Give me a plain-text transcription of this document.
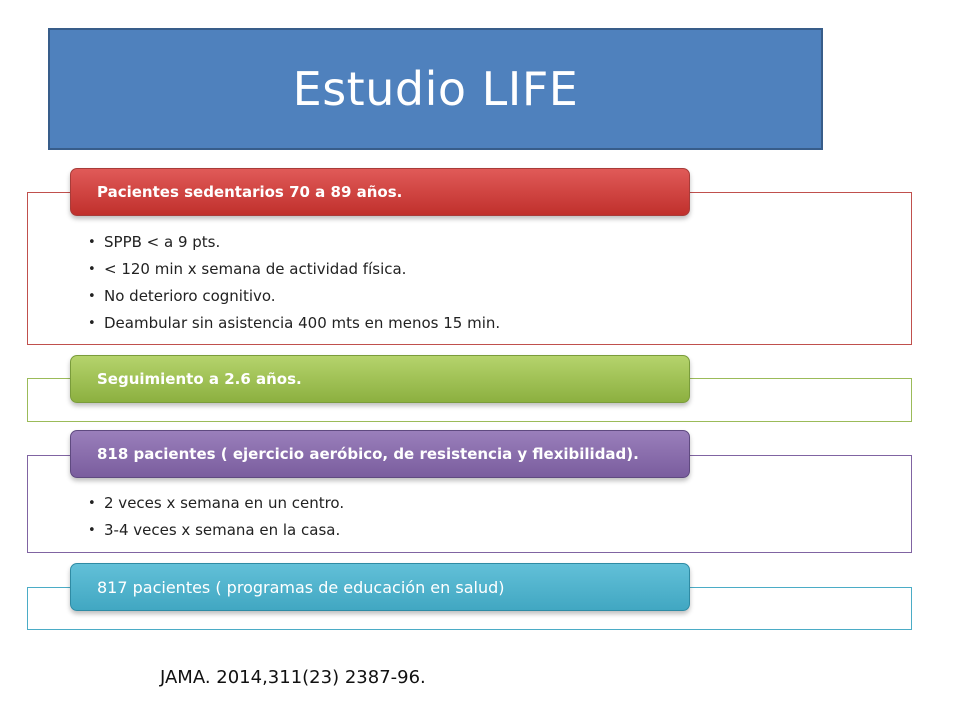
Estudio LIFE
• SPPB < a 9 pts.
• < 120 min x semana de actividad física.
• No deterioro cognitivo.
• Deambular sin asistencia 400 mts en menos 15 min.
Pacientes sedentarios 70 a 89 años.
Seguimiento a 2.6 años.
• 2 veces x semana en un centro.
• 3-4 veces x semana en la casa.
818 pacientes ( ejercicio aeróbico, de resistencia y flexibilidad).
817 pacientes ( programas de educación en salud)
JAMA. 2014,311(23) 2387-96.
